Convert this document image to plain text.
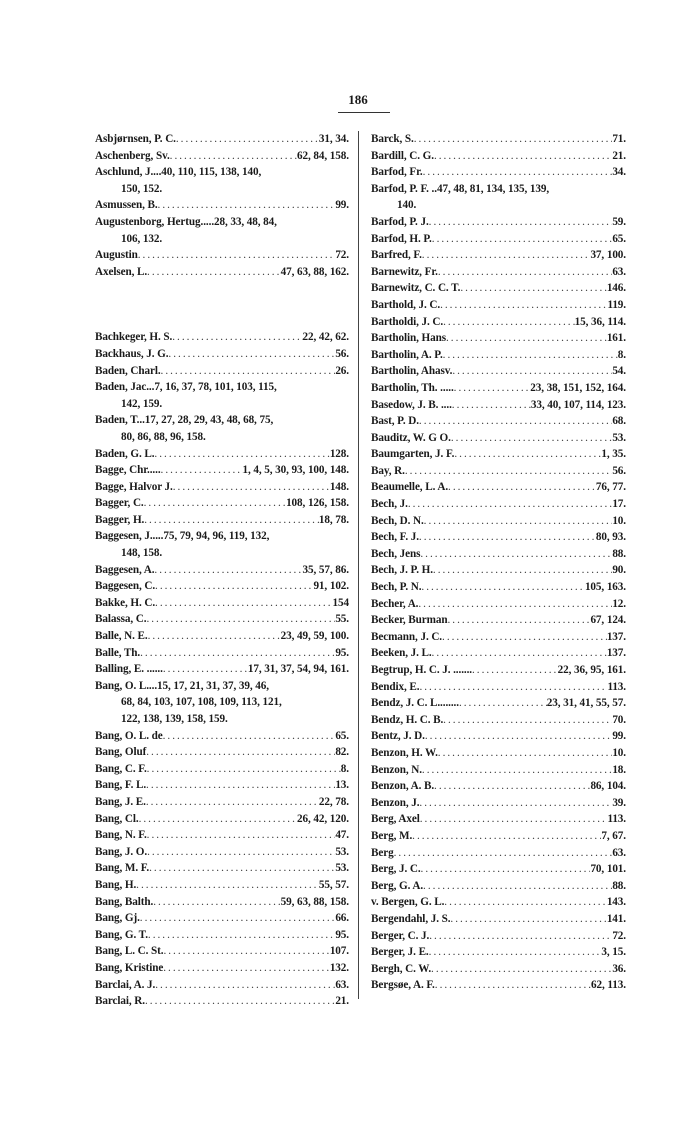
186
Asbjørnsen, P. C. .....	31, 34.
Aschenberg, Sv. .....	62, 84, 158.
Aschlund, J.... 40, 110, 115, 138, 140,
150, 152.
Asmussen, B. .....	99.
Augustenborg, Hertug..... 28, 33, 48, 84,
106, 132.
Augustin .....	72.
Axelsen, L. .....	47, 63, 88, 162.
Bachkeger, H. S. .....	22, 42, 62.
Backhaus, J. G. .....	56.
Baden, Charl. .....	26.
Baden, Jac... 7, 16, 37, 78, 101, 103, 115,
142, 159.
Baden, T... 17, 27, 28, 29, 43, 48, 68, 75,
80, 86, 88, 96, 158.
Baden, G. L. .....	128.
Bagge, Chr..... .....	1, 4, 5, 30, 93, 100, 148.
Bagge, Halvor J. .....	148.
Bagger, C. .....	108, 126, 158.
Bagger, H. .....	18, 78.
Baggesen, J..... 75, 79, 94, 96, 119, 132,
148, 158.
Baggesen, A. .....	35, 57, 86.
Baggesen, C. .....	91, 102.
Bakke, H. C. .....	154
Balassa, C. .....	55.
Balle, N. E. .....	23, 49, 59, 100.
Balle, Th. .....	95.
Balling, E. ...... .....	17, 31, 37, 54, 94, 161.
Bang, O. L.... 15, 17, 21, 31, 37, 39, 46,
68, 84, 103, 107, 108, 109, 113, 121,
122, 138, 139, 158, 159.
Bang, O. L. de .....	65.
Bang, Oluf .....	82.
Bang, C. F. .....	8.
Bang, F. L. .....	13.
Bang, J. E. .....	22, 78.
Bang, Cl. .....	26, 42, 120.
Bang, N. F. .....	47.
Bang, J. O. .....	53.
Bang, M. F. .....	53.
Bang, H. .....	55, 57.
Bang, Balth. .....	59, 63, 88, 158.
Bang, Gj. .....	66.
Bang, G. T. .....	95.
Bang, L. C. St. .....	107.
Bang, Kristine .....	132.
Barclai, A. J. .....	63.
Barclai, R. .....	21.
Barck, S. .....	71.
Bardill, C. G. .....	21.
Barfod, Fr. .....	34.
Barfod, P. F. .. 47, 48, 81, 134, 135, 139,
140.
Barfod, P. J. .....	59.
Barfod, H. P. .....	65.
Barfred, F. .....	37, 100.
Barnewitz, Fr. .....	63.
Barnewitz, C. C. T. .....	146.
Barthold, J. C. .....	119.
Bartholdi, J. C. .....	15, 36, 114.
Bartholin, Hans .....	161.
Bartholin, A. P. .....	8.
Bartholin, Ahasv. .....	54.
Bartholin, Th. ..... .....	23, 38, 151, 152, 164.
Basedow, J. B. .... .....	33, 40, 107, 114, 123.
Bast, P. D. .....	68.
Bauditz, W. G O. .....	53.
Baumgarten, J. F. .....	1, 35.
Bay, R. .....	56.
Beaumelle, L. A. .....	76, 77.
Bech, J. .....	17.
Bech, D. N. .....	10.
Bech, F. J. .....	80, 93.
Bech, Jens .....	88.
Bech, J. P. H. .....	90.
Bech, P. N. .....	105, 163.
Becher, A. .....	12.
Becker, Burman .....	67, 124.
Becmann, J. C. .....	137.
Beeken, J. L. .....	137.
Begtrup, H. C. J. ....... .....	22, 36, 95, 161.
Bendix, E. .....	113.
Bendz, J. C. L........ .....	23, 31, 41, 55, 57.
Bendz, H. C. B. .....	70.
Bentz, J. D. .....	99.
Benzon, H. W. .....	10.
Benzon, N. .....	18.
Benzon, A. B. .....	86, 104.
Benzon, J. .....	39.
Berg, Axel .....	113.
Berg, M. .....	7, 67.
Berg .....	63.
Berg, J. C. .....	70, 101.
Berg, G. A. .....	88.
v. Bergen, G. L. .....	143.
Bergendahl, J. S. .....	141.
Berger, C. J. .....	72.
Berger, J. E. .....	3, 15.
Bergh, C. W. .....	36.
Bergsøe, A. F. .....	62, 113.
